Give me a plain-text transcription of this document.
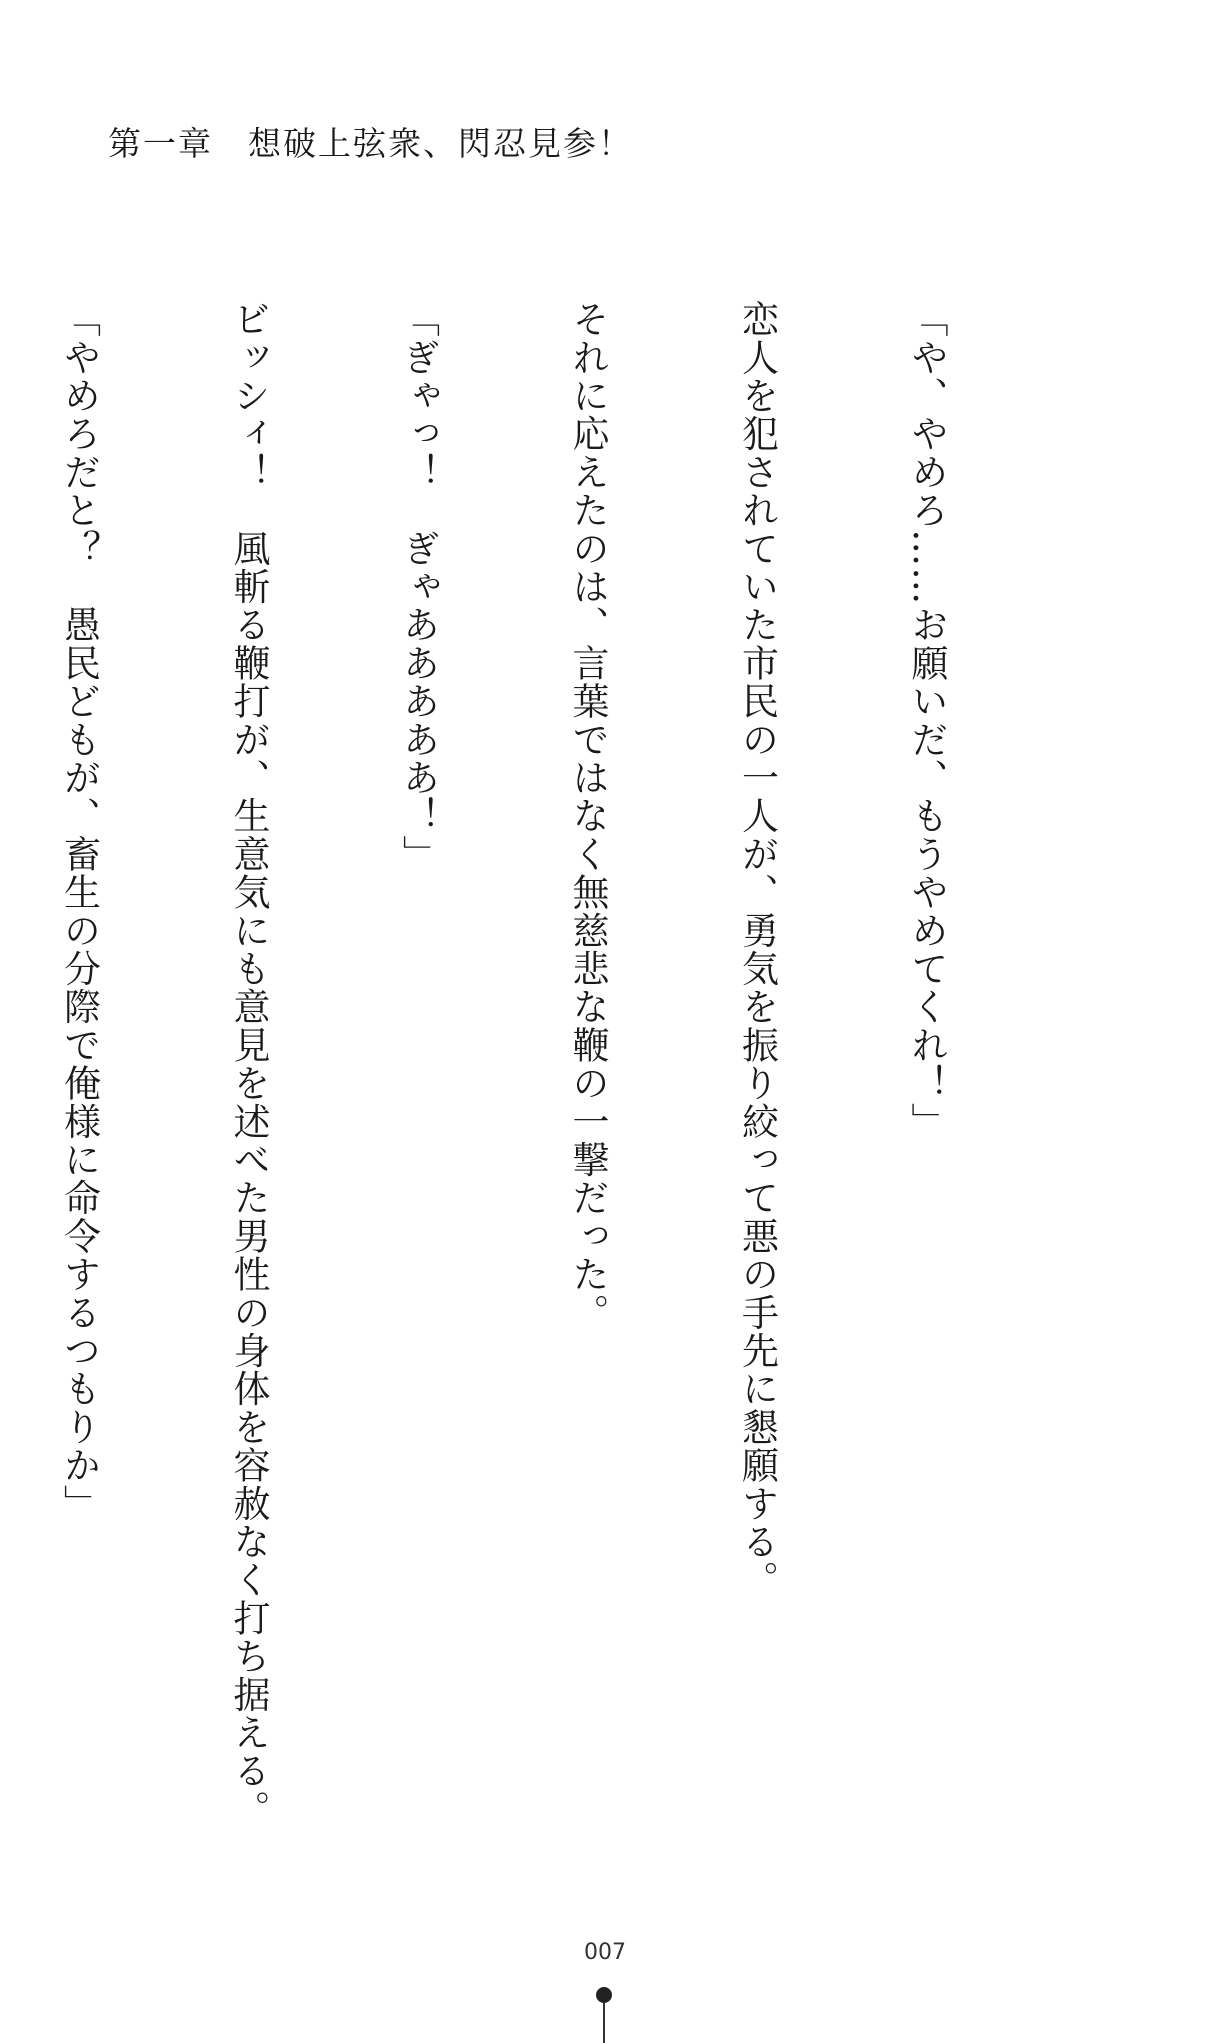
第一章　想破上弦衆、閃忍見参！

「や、やめろ……お願いだ、もうやめてくれ！」

恋人を犯されていた市民の一人が、勇気を振り絞って悪の手先に懇願する。

それに応えたのは、言葉ではなく無慈悲な鞭の一撃だった。

「ぎゃっ！　ぎゃあああああ！」

ビッシィ！　風斬る鞭打が、生意気にも意見を述べた男性の身体を容赦なく打ち据える。

「やめろだと？　愚民どもが、畜生の分際で俺様に命令するつもりか」

007
